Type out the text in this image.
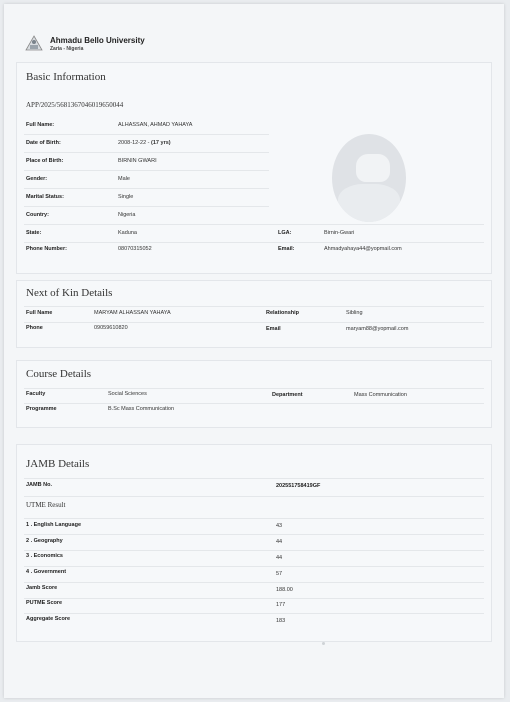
Ahmadu Bello University
Zaria - Nigeria
Basic Information
APP/2025/5681367046019650044
Full Name:	ALHASSAN, AHMAD YAHAYA
Date of Birth:	2008-12-22 - (17 yrs)
Place of Birth:	BIRNIN GWARI
Gender:	Male
Marital Status:	Single
Country:	Nigeria
State:	Kaduna	LGA:	Birnin-Gwari
Phone Number:	08070315052	Email:	Ahmadyahaya44@yopmail.com
Next of Kin Details
Full Name	MARYAM ALHASSAN YAHAYA	Relationship	Sibling
Phone	09059610820	Email	maryam88@yopmail.com
Course Details
Faculty	Social Sciences	Department	Mass Communication
Programme	B.Sc Mass Communication
JAMB Details
JAMB No.	202551758419GF
UTME Result
1 . English Language	43
2 . Geography	44
3 . Economics	44
4 . Government	57
Jamb Score	188.00
PUTME Score	177
Aggregate Score	183
